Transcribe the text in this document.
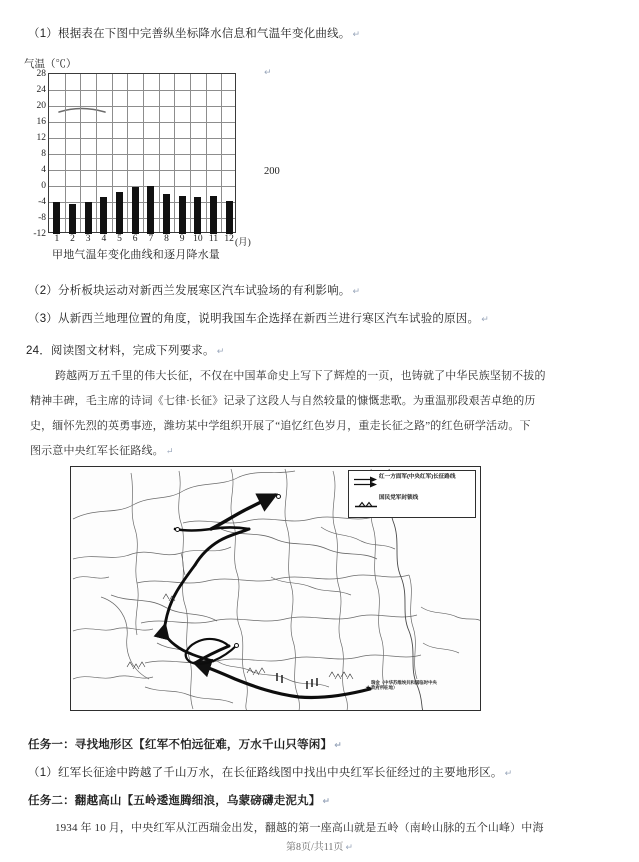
（1）根据表在下图中完善纵坐标降水信息和气温年变化曲线。 ↵
气温（℃）
28
24
20
16
12
8
4
0
-4
-8
-12 1 2 3 4 5 6 7 8 9 10 11 12 (月)
200
↵
甲地气温年变化曲线和逐月降水量
（2）分析板块运动对新西兰发展寒区汽车试验场的有利影响。 ↵
（3）从新西兰地理位置的角度，说明我国车企选择在新西兰进行寒区汽车试验的原因。 ↵
24．阅读图文材料，完成下列要求。 ↵
跨越两万五千里的伟大长征，不仅在中国革命史上写下了辉煌的一页，也铸就了中华民族坚韧不拔的
精神丰碑，毛主席的诗词《七律·长征》记录了这段人与自然较量的慷慨悲歌。为重温那段艰苦卓绝的历
史，缅怀先烈的英勇事迹，潍坊某中学组织开展了“追忆红色岁月，重走长征之路”的红色研学活动。下
图示意中央红军长征路线。 ↵
★
瑞金（中华苏维埃共和国临时中央政府所在地）
红一方面军(中央红军)长征路线
国民党军封锁线
任务一：寻找地形区【红军不怕远征难，万水千山只等闲】 ↵
（1）红军长征途中跨越了千山万水，在长征路线图中找出中央红军长征经过的主要地形区。 ↵
任务二：翻越高山【五岭逶迤腾细浪，乌蒙磅礴走泥丸】 ↵
1934 年 10 月，中央红军从江西瑞金出发，翻越的第一座高山就是五岭（南岭山脉的五个山峰）中海
第8页/共11页 ↵
